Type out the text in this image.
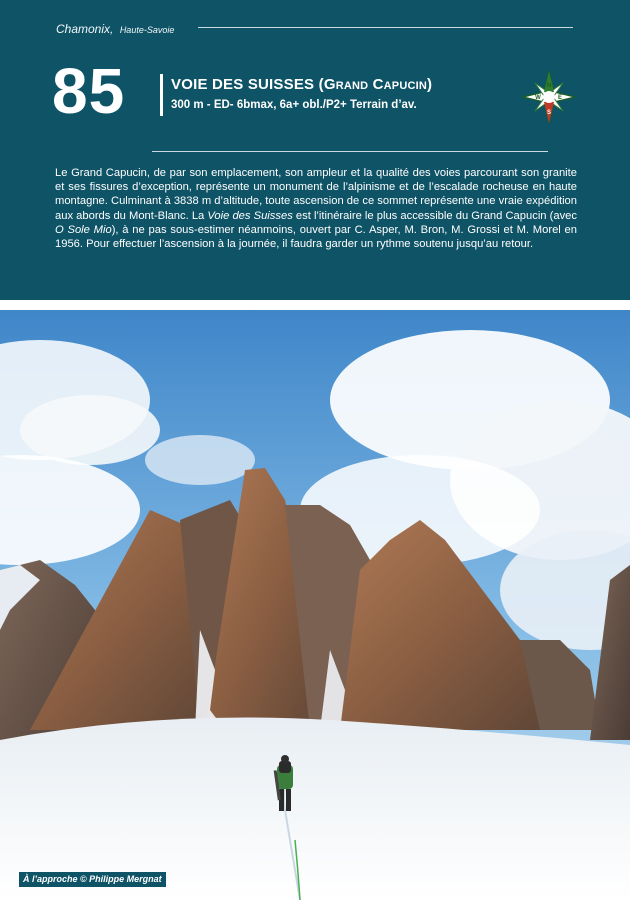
Chamonix, Haute-Savoie
85	VOIE DES SUISSES (Grand Capucin)
300 m - ED- 6bmax, 6a+ obl./P2+ Terrain d’av.
N
E
S
W

Le Grand Capucin, de par son emplacement, son ampleur et la qualité des voies parcourant son granite et ses fissures d’exception, représente un monument de l’alpinisme et de l’escalade rocheuse en haute montagne. Culminant à 3838 m d’altitude, toute ascension de ce sommet représente une vraie expédition aux abords du Mont-Blanc. La Voie des Suisses est l’itinéraire le plus accessible du Grand Capucin (avec O Sole Mio), à ne pas sous-estimer néanmoins, ouvert par C. Asper, M. Bron, M. Grossi et M. Morel en 1956. Pour effectuer l’ascension à la journée, il faudra garder un rythme soutenu jusqu’au retour.

À l’approche © Philippe Mergnat
